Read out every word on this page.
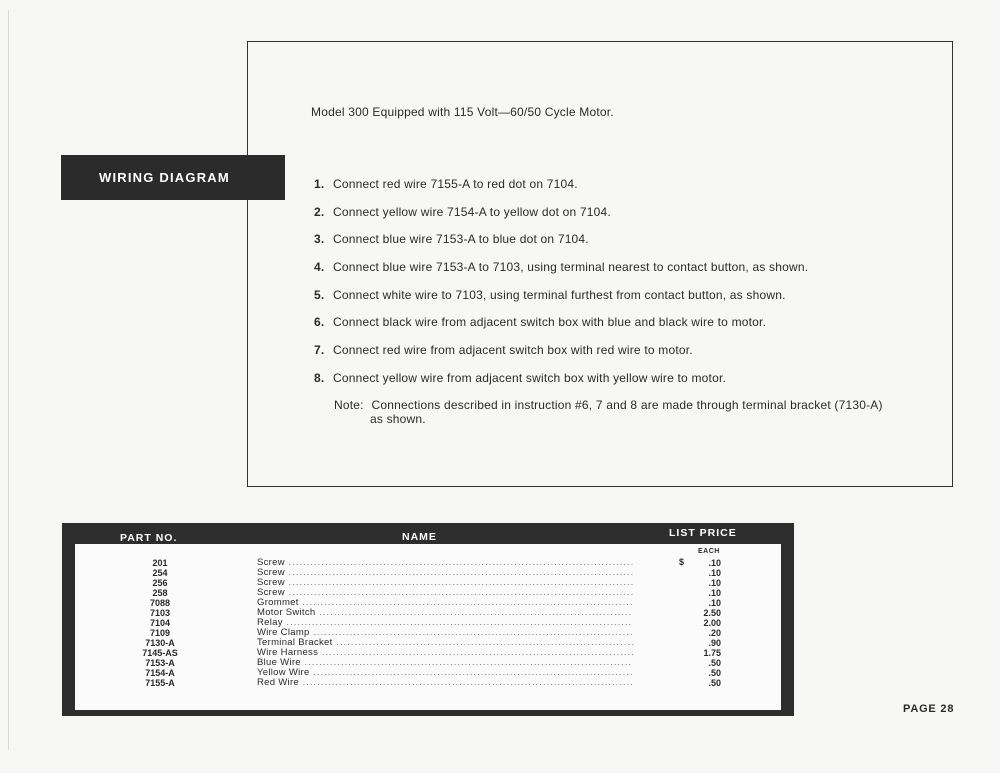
Model 300 Equipped with 115 Volt—60/50 Cycle Motor.
WIRING DIAGRAM	1. Connect red wire 7155-A to red dot on 7104.
2. Connect yellow wire 7154-A to yellow dot on 7104.
3. Connect blue wire 7153-A to blue dot on 7104.
4. Connect blue wire 7153-A to 7103, using terminal nearest to contact button, as shown.
5. Connect white wire to 7103, using terminal furthest from contact button, as shown.
6. Connect black wire from adjacent switch box with blue and black wire to motor.
7. Connect red wire from adjacent switch box with red wire to motor.
8. Connect yellow wire from adjacent switch box with yellow wire to motor.
Note: Connections described in instruction #6, 7 and 8 are made through terminal bracket (7130-A)
as shown.
PART NO.	NAME	LIST PRICE
EACH
$
201	Screw .....	.10
254	Screw .....	.10
256	Screw .....	.10
258	Screw .....	.10
7088	Grommet .....	.10
7103	Motor Switch .....	2.50
7104	Relay .....	2.00
7109	Wire Clamp .....	.20
7130-A	Terminal Bracket .....	.90
7145-AS	Wire Harness .....	1.75
7153-A	Blue Wire .....	.50
7154-A	Yellow Wire .....	.50
7155-A	Red Wire .....	.50
PAGE 28
